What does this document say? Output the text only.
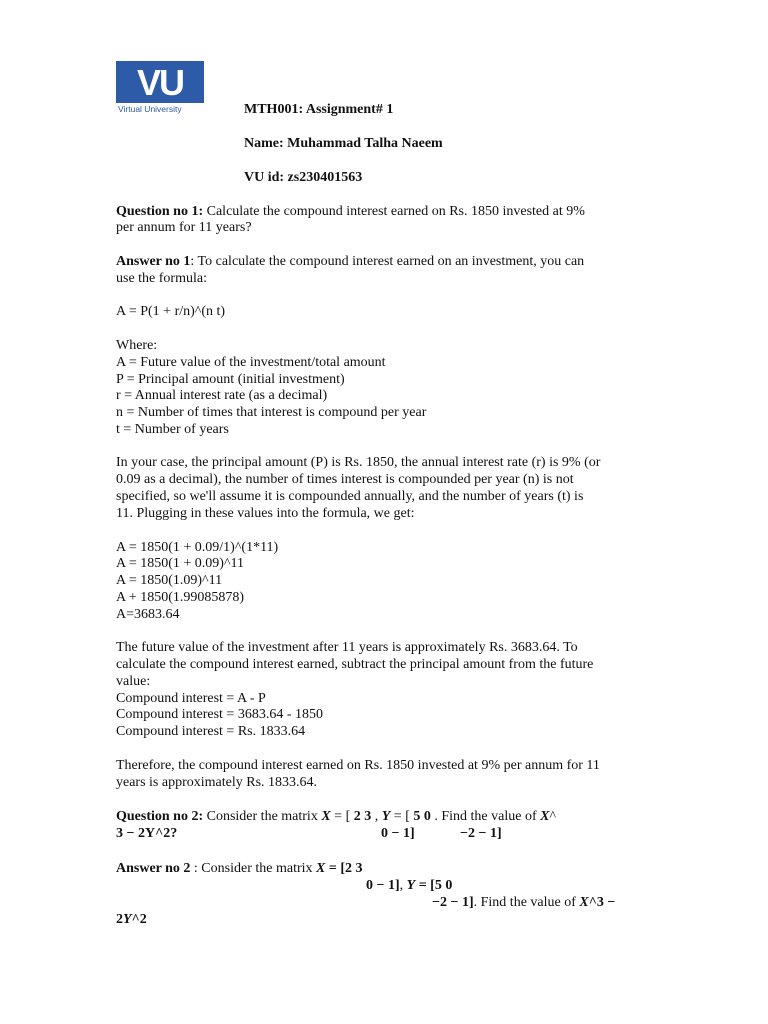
VU
Virtual University	MTH001: Assignment# 1

Name: Muhammad Talha Naeem

VU id: zs230401563

Question no 1: Calculate the compound interest earned on Rs. 1850 invested at 9%

per annum for 11 years?

Answer no 1: To calculate the compound interest earned on an investment, you can

use the formula:

A = P(1 + r/n)^(n t)

Where:

A = Future value of the investment/total amount

P = Principal amount (initial investment)

r = Annual interest rate (as a decimal)

n = Number of times that interest is compound per year

t = Number of years

In your case, the principal amount (P) is Rs. 1850, the annual interest rate (r) is 9% (or

0.09 as a decimal), the number of times interest is compounded per year (n) is not

specified, so we'll assume it is compounded annually, and the number of years (t) is

11. Plugging in these values into the formula, we get:

A = 1850(1 + 0.09/1)^(1*11)

A = 1850(1 + 0.09)^11

A = 1850(1.09)^11

A + 1850(1.99085878)

A=3683.64

The future value of the investment after 11 years is approximately Rs. 3683.64. To

calculate the compound interest earned, subtract the principal amount from the future

value:

Compound interest = A - P

Compound interest = 3683.64 - 1850

Compound interest = Rs. 1833.64

Therefore, the compound interest earned on Rs. 1850 invested at 9% per annum for 11

years is approximately Rs. 1833.64.

Question no 2: Consider the matrix X = [ 2 3 , Y = [ 5 0 . Find the value of X^

3 − 2Y^2?	0 − 1]	−2 − 1]

Answer no 2 : Consider the matrix X = [2 3

0 − 1], Y = [5 0

−2 − 1]. Find the value of X^3 −

2Y^2
